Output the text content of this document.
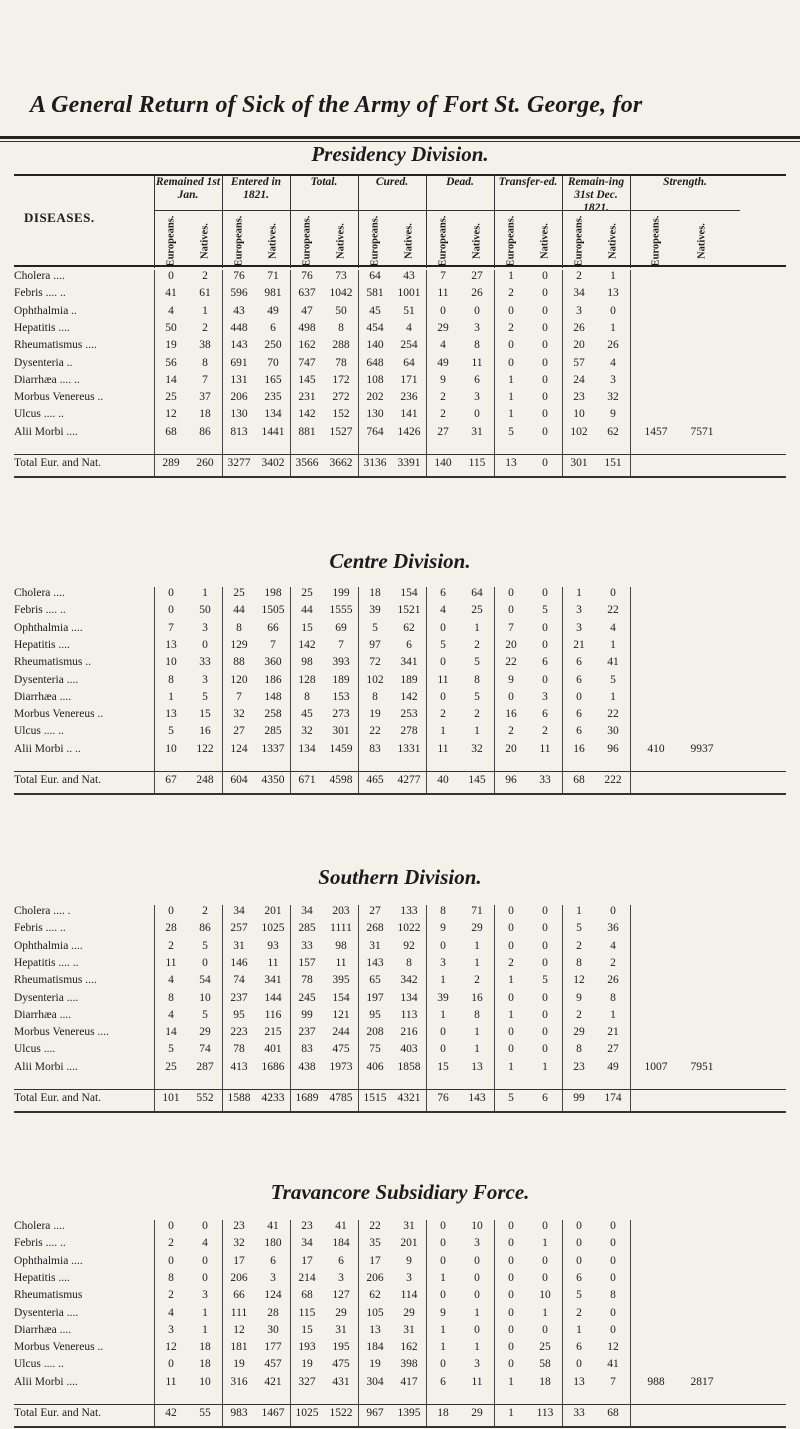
A General Return of Sick of the Army of Fort St. George, for
Presidency Division.
DISEASES.
Remained 1st Jan.
Europeans. Natives.
Entered in 1821.
Europeans. Natives.
Total.
Europeans. Natives.
Cured.
Europeans. Natives.
Dead.
Europeans. Natives.
Transfer-ed.
Europeans. Natives.
Remain-ing 31st Dec. 1821.
Europeans. Natives.
Strength.
Europeans.	Natives.
Cholera ....	0	2	76	71	76	73	64	43	7	27	1	0	2	1
Febris .... ..	41	61	596	981	637	1042	581	1001	11	26	2	0	34	13
Ophthalmia ..	4	1	43	49	47	50	45	51	0	0	0	0	3	0
Hepatitis ....	50	2	448	6	498	8	454	4	29	3	2	0	26	1
Rheumatismus ....	19	38	143	250	162	288	140	254	4	8	0	0	20	26
Dysenteria ..	56	8	691	70	747	78	648	64	49	11	0	0	57	4
Diarrhæa .... ..	14	7	131	165	145	172	108	171	9	6	1	0	24	3
Morbus Venereus ..	25	37	206	235	231	272	202	236	2	3	1	0	23	32
Ulcus .... ..	12	18	130	134	142	152	130	141	2	0	1	0	10	9
Alii Morbi ....	68	86	813	1441	881	1527	764	1426	27	31	5	0	102	62	1457	7571
Total Eur. and Nat.	289	260	3277 3402 3566 3662 3136 3391	140	115	13	0	301	151
Centre Division.
Cholera ....	0	1	25	198	25	199	18	154	6	64	0	0	1	0
Febris .... ..	0	50	44	1505	44	1555	39	1521	4	25	0	5	3	22
Ophthalmia ....	7	3	8	66	15	69	5	62	0	1	7	0	3	4
Hepatitis ....	13	0	129	7	142	7	97	6	5	2	20	0	21	1
Rheumatismus ..	10	33	88	360	98	393	72	341	0	5	22	6	6	41
Dysenteria ....	8	3	120	186	128	189	102	189	11	8	9	0	6	5
Diarrhæa ....	1	5	7	148	8	153	8	142	0	5	0	3	0	1
Morbus Venereus ..	13	15	32	258	45	273	19	253	2	2	16	6	6	22
Ulcus .... ..	5	16	27	285	32	301	22	278	1	1	2	2	6	30
Alii Morbi .. ..	10	122	124	1337	134	1459	83	1331	11	32	20	11	16	96	410	9937
Total Eur. and Nat.	67	248	604	4350	671	4598	465	4277	40	145	96	33	68	222
Southern Division.
Cholera .... .	0	2	34	201	34	203	27	133	8	71	0	0	1	0
Febris .... ..	28	86	257	1025	285	1111	268	1022	9	29	0	0	5	36
Ophthalmia ....	2	5	31	93	33	98	31	92	0	1	0	0	2	4
Hepatitis .... ..	11	0	146	11	157	11	143	8	3	1	2	0	8	2
Rheumatismus ....	4	54	74	341	78	395	65	342	1	2	1	5	12	26
Dysenteria ....	8	10	237	144	245	154	197	134	39	16	0	0	9	8
Diarrhæa ....	4	5	95	116	99	121	95	113	1	8	1	0	2	1
Morbus Venereus ....	14	29	223	215	237	244	208	216	0	1	0	0	29	21
Ulcus ....	5	74	78	401	83	475	75	403	0	1	0	0	8	27
Alii Morbi ....	25	287	413	1686	438	1973	406	1858	15	13	1	1	23	49	1007	7951
Total Eur. and Nat.	101	552	1588 4233 1689 4785 1515 4321	76	143	5	6	99	174
Travancore Subsidiary Force.
Cholera ....	0	0	23	41	23	41	22	31	0	10	0	0	0	0
Febris .... ..	2	4	32	180	34	184	35	201	0	3	0	1	0	0
Ophthalmia ....	0	0	17	6	17	6	17	9	0	0	0	0	0	0
Hepatitis ....	8	0	206	3	214	3	206	3	1	0	0	0	6	0
Rheumatismus	2	3	66	124	68	127	62	114	0	0	0	10	5	8
Dysenteria ....	4	1	111	28	115	29	105	29	9	1	0	1	2	0
Diarrhæa ....	3	1	12	30	15	31	13	31	1	0	0	0	1	0
Morbus Venereus ..	12	18	181	177	193	195	184	162	1	1	0	25	6	12
Ulcus .... ..	0	18	19	457	19	475	19	398	0	3	0	58	0	41
Alii Morbi ....	11	10	316	421	327	431	304	417	6	11	1	18	13	7	988	2817
Total Eur. and Nat.	42	55	983	1467 1025 1522	967	1395	18	29	1	113	33	68
